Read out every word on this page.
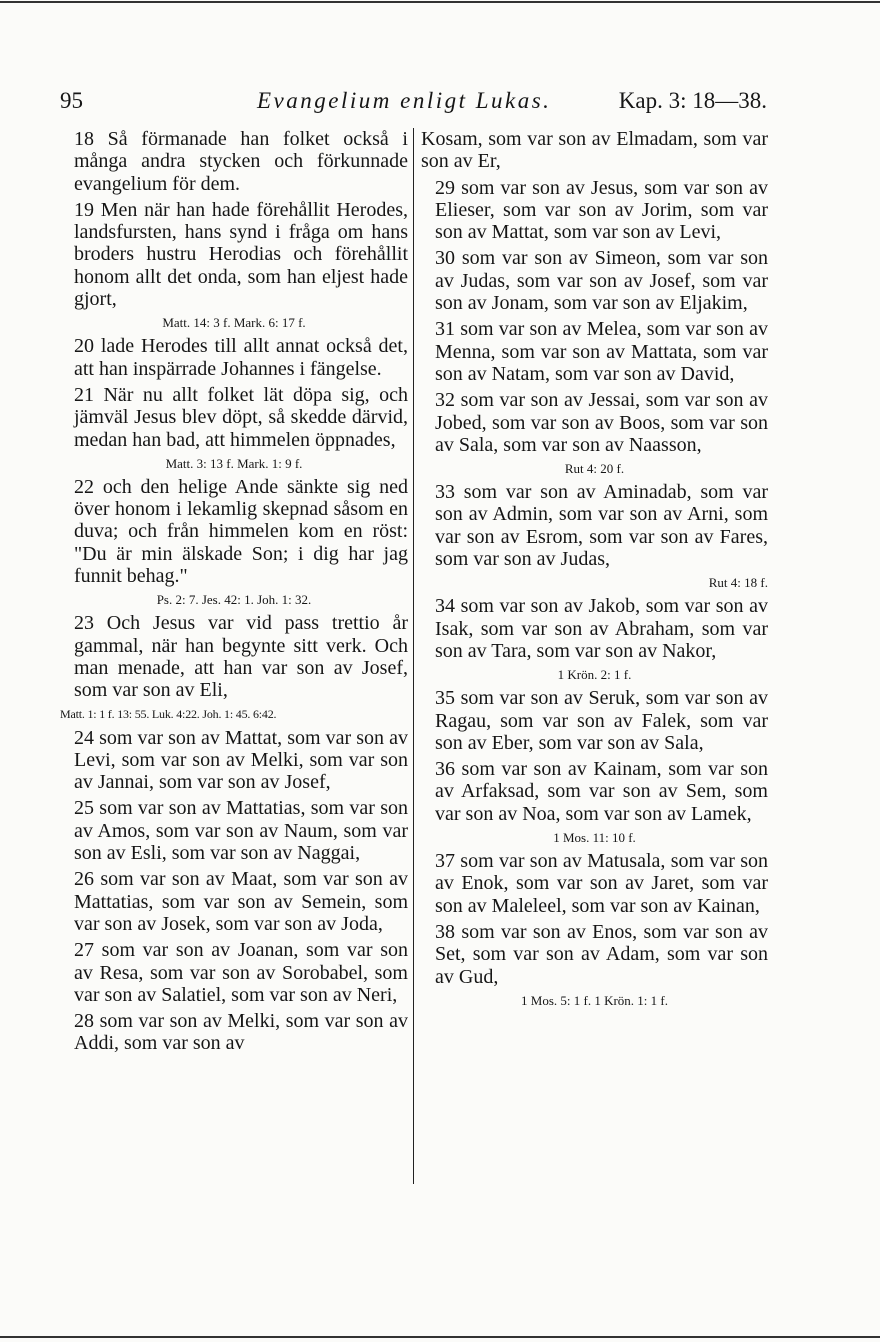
95	Evangelium enligt Lukas.	Kap. 3: 18—38.

18 Så förmanade han folket också i många andra stycken och förkunnade evangelium för dem.

19 Men när han hade förehållit Herodes, landsfursten, hans synd i fråga om hans broders hustru Herodias och förehållit honom allt det onda, som han eljest hade gjort,

Matt. 14: 3 f. Mark. 6: 17 f.

20 lade Herodes till allt annat också det, att han inspärrade Johannes i fängelse.

21 När nu allt folket lät döpa sig, och jämväl Jesus blev döpt, så skedde därvid, medan han bad, att himmelen öppnades,

Matt. 3: 13 f. Mark. 1: 9 f.

22 och den helige Ande sänkte sig ned över honom i lekamlig skepnad såsom en duva; och från himmelen kom en röst: "Du är min älskade Son; i dig har jag funnit behag."

Ps. 2: 7. Jes. 42: 1. Joh. 1: 32.

23 Och Jesus var vid pass trettio år gammal, när han begynte sitt verk. Och man menade, att han var son av Josef, som var son av Eli,

Matt. 1: 1 f. 13: 55. Luk. 4:22. Joh. 1: 45. 6:42.

24 som var son av Mattat, som var son av Levi, som var son av Melki, som var son av Jannai, som var son av Josef,

25 som var son av Mattatias, som var son av Amos, som var son av Naum, som var son av Esli, som var son av Naggai,

26 som var son av Maat, som var son av Mattatias, som var son av Semein, som var son av Josek, som var son av Joda,

27 som var son av Joanan, som var son av Resa, som var son av Sorobabel, som var son av Salatiel, som var son av Neri,

28 som var son av Melki, som var son av Addi, som var son av

Kosam, som var son av Elmadam, som var son av Er,

29 som var son av Jesus, som var son av Elieser, som var son av Jorim, som var son av Mattat, som var son av Levi,

30 som var son av Simeon, som var son av Judas, som var son av Josef, som var son av Jonam, som var son av Eljakim,

31 som var son av Melea, som var son av Menna, som var son av Mattata, som var son av Natam, som var son av David,

32 som var son av Jessai, som var son av Jobed, som var son av Boos, som var son av Sala, som var son av Naasson,

Rut 4: 20 f.

33 som var son av Aminadab, som var son av Admin, som var son av Arni, som var son av Esrom, som var son av Fares, som var son av Judas,

Rut 4: 18 f.

34 som var son av Jakob, som var son av Isak, som var son av Abraham, som var son av Tara, som var son av Nakor,

1 Krön. 2: 1 f.

35 som var son av Seruk, som var son av Ragau, som var son av Falek, som var son av Eber, som var son av Sala,

36 som var son av Kainam, som var son av Arfaksad, som var son av Sem, som var son av Noa, som var son av Lamek,

1 Mos. 11: 10 f.

37 som var son av Matusala, som var son av Enok, som var son av Jaret, som var son av Maleleel, som var son av Kainan,

38 som var son av Enos, som var son av Set, som var son av Adam, som var son av Gud,

1 Mos. 5: 1 f. 1 Krön. 1: 1 f.
